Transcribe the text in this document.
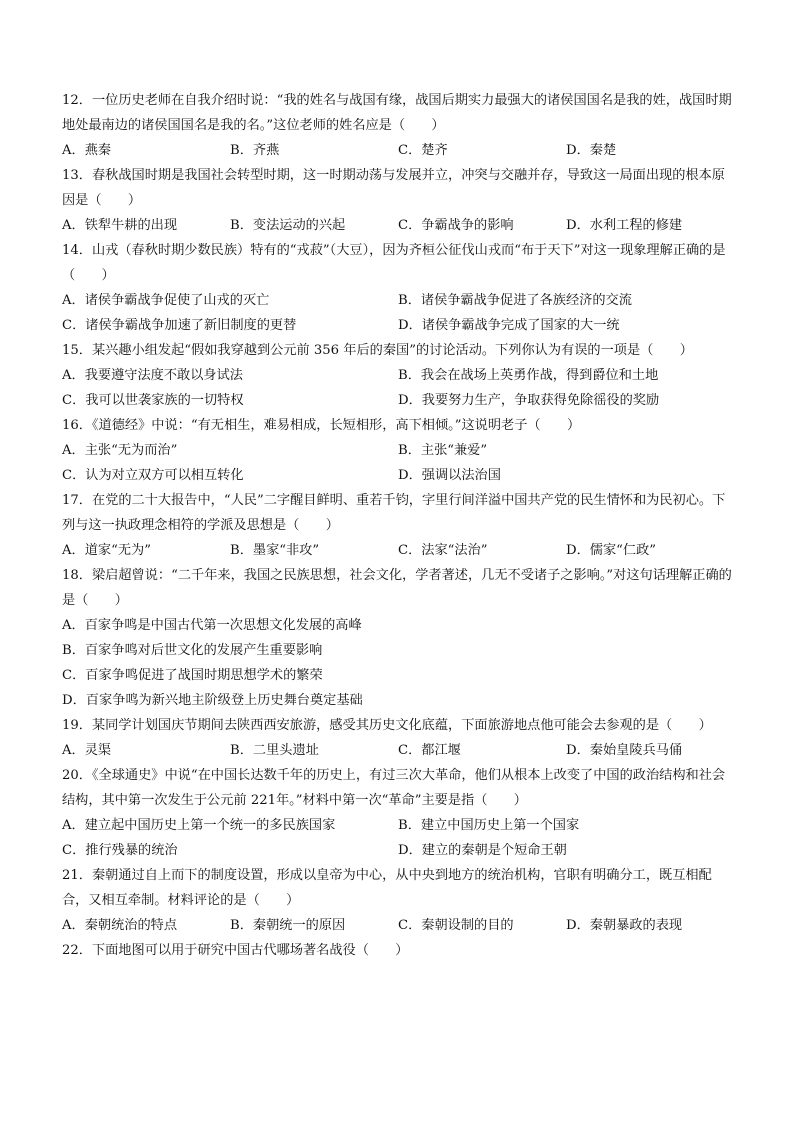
12．一位历史老师在自我介绍时说：“我的姓名与战国有缘，战国后期实力最强大的诸侯国国名是我的姓，战国时期地处最南边的诸侯国国名是我的名。”这位老师的姓名应是（　　）
A．燕秦	B．齐燕	C．楚齐	D．秦楚
13．春秋战国时期是我国社会转型时期，这一时期动荡与发展并立，冲突与交融并存，导致这一局面出现的根本原因是（　　）
A．铁犁牛耕的出现	B．变法运动的兴起	C．争霸战争的影响	D．水利工程的修建
14．山戎（春秋时期少数民族）特有的“戎菽”（大豆），因为齐桓公征伐山戎而“布于天下”对这一现象理解正确的是（　　）
A．诸侯争霸战争促使了山戎的灭亡	B．诸侯争霸战争促进了各族经济的交流
C．诸侯争霸战争加速了新旧制度的更替	D．诸侯争霸战争完成了国家的大一统
15．某兴趣小组发起“假如我穿越到公元前 356 年后的秦国”的讨论活动。下列你认为有误的一项是（　　）
A．我要遵守法度不敢以身试法	B．我会在战场上英勇作战，得到爵位和土地
C．我可以世袭家族的一切特权	D．我要努力生产，争取获得免除徭役的奖励
16．《道德经》中说：“有无相生，难易相成，长短相形，高下相倾。”这说明老子（　　）
A．主张“无为而治”	B．主张“兼爱”
C．认为对立双方可以相互转化	D．强调以法治国
17．在党的二十大报告中，“人民”二字醒目鲜明、重若千钧，字里行间洋溢中国共产党的民生情怀和为民初心。下列与这一执政理念相符的学派及思想是（　　）
A．道家“无为”	B．墨家“非攻”	C．法家“法治”	D．儒家“仁政”
18．梁启超曾说：“二千年来，我国之民族思想，社会文化，学者著述，几无不受诸子之影响。”对这句话理解正确的是（　　）
A．百家争鸣是中国古代第一次思想文化发展的高峰
B．百家争鸣对后世文化的发展产生重要影响
C．百家争鸣促进了战国时期思想学术的繁荣
D．百家争鸣为新兴地主阶级登上历史舞台奠定基础
19．某同学计划国庆节期间去陕西西安旅游，感受其历史文化底蕴，下面旅游地点他可能会去参观的是（　　）
A．灵渠	B．二里头遗址	C．都江堰	D．秦始皇陵兵马俑
20．《全球通史》中说“在中国长达数千年的历史上，有过三次大革命，他们从根本上改变了中国的政治结构和社会结构，其中第一次发生于公元前 221年。”材料中第一次“革命”主要是指（　　）
A．建立起中国历史上第一个统一的多民族国家	B．建立中国历史上第一个国家
C．推行残暴的统治	D．建立的秦朝是个短命王朝
21．秦朝通过自上而下的制度设置，形成以皇帝为中心，从中央到地方的统治机构，官职有明确分工，既互相配合，又相互牵制。材料评论的是（　　）
A．秦朝统治的特点	B．秦朝统一的原因	C．秦朝设制的目的	D．秦朝暴政的表现
22．下面地图可以用于研究中国古代哪场著名战役（　　）
